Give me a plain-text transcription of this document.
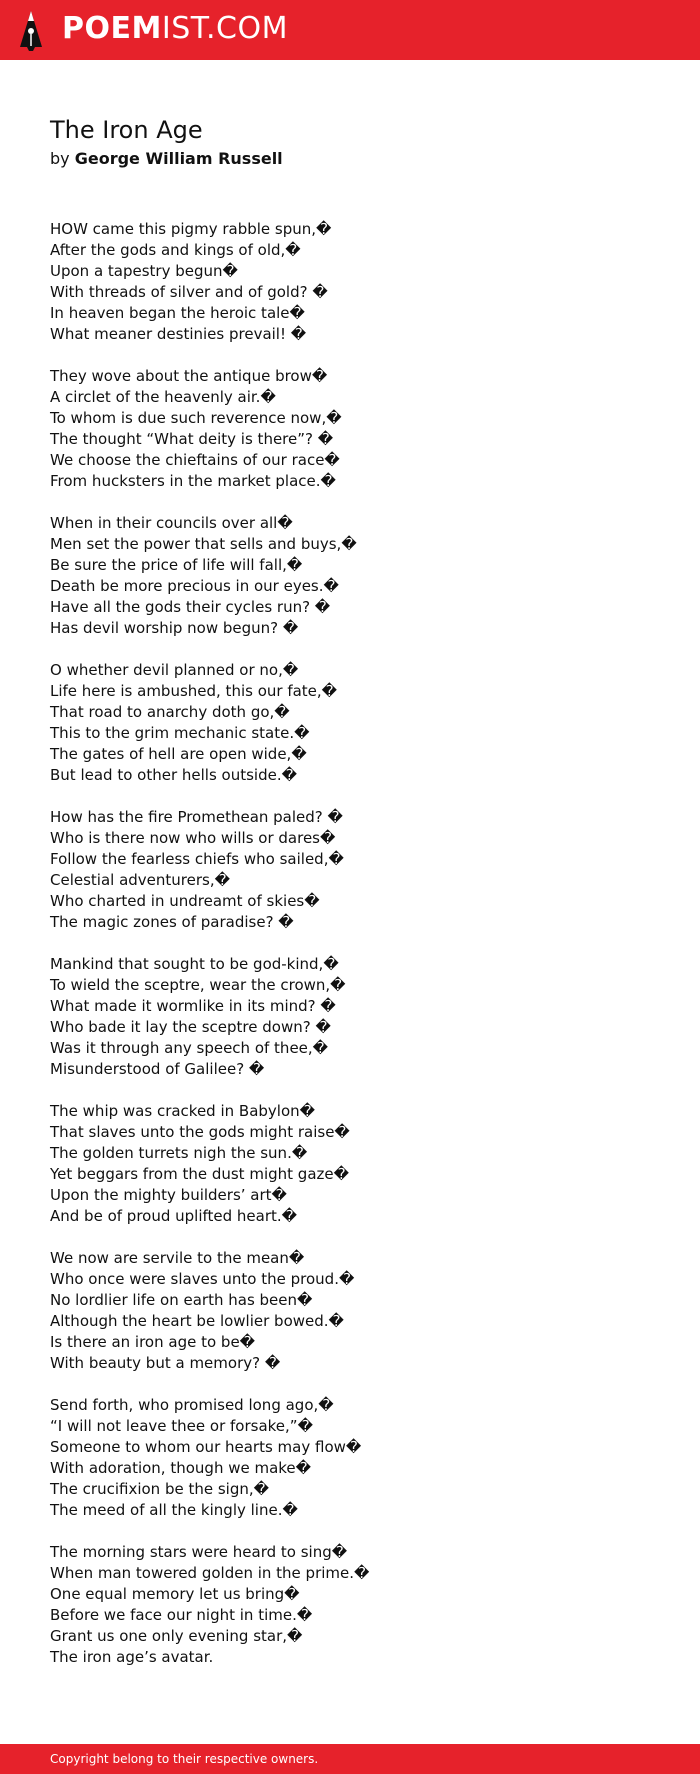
POEMIST.COM
The Iron Age
by George William Russell
HOW came this pigmy rabble spun,�
After the gods and kings of old,�
Upon a tapestry begun�
With threads of silver and of gold? �
In heaven began the heroic tale�
What meaner destinies prevail! �
They wove about the antique brow�
A circlet of the heavenly air.�
To whom is due such reverence now,�
The thought “What deity is there”? �
We choose the chieftains of our race�
From hucksters in the market place.�
When in their councils over all�
Men set the power that sells and buys,�
Be sure the price of life will fall,�
Death be more precious in our eyes.�
Have all the gods their cycles run? �
Has devil worship now begun? �
O whether devil planned or no,�
Life here is ambushed, this our fate,�
That road to anarchy doth go,�
This to the grim mechanic state.�
The gates of hell are open wide,�
But lead to other hells outside.�
How has the fire Promethean paled? �
Who is there now who wills or dares�
Follow the fearless chiefs who sailed,�
Celestial adventurers,�
Who charted in undreamt of skies�
The magic zones of paradise? �
Mankind that sought to be god-kind,�
To wield the sceptre, wear the crown,�
What made it wormlike in its mind? �
Who bade it lay the sceptre down? �
Was it through any speech of thee,�
Misunderstood of Galilee? �
The whip was cracked in Babylon�
That slaves unto the gods might raise�
The golden turrets nigh the sun.�
Yet beggars from the dust might gaze�
Upon the mighty builders’ art�
And be of proud uplifted heart.�
We now are servile to the mean�
Who once were slaves unto the proud.�
No lordlier life on earth has been�
Although the heart be lowlier bowed.�
Is there an iron age to be�
With beauty but a memory? �
Send forth, who promised long ago,�
“I will not leave thee or forsake,”�
Someone to whom our hearts may flow�
With adoration, though we make�
The crucifixion be the sign,�
The meed of all the kingly line.�
The morning stars were heard to sing�
When man towered golden in the prime.�
One equal memory let us bring�
Before we face our night in time.�
Grant us one only evening star,�
The iron age’s avatar.
Copyright belong to their respective owners.
